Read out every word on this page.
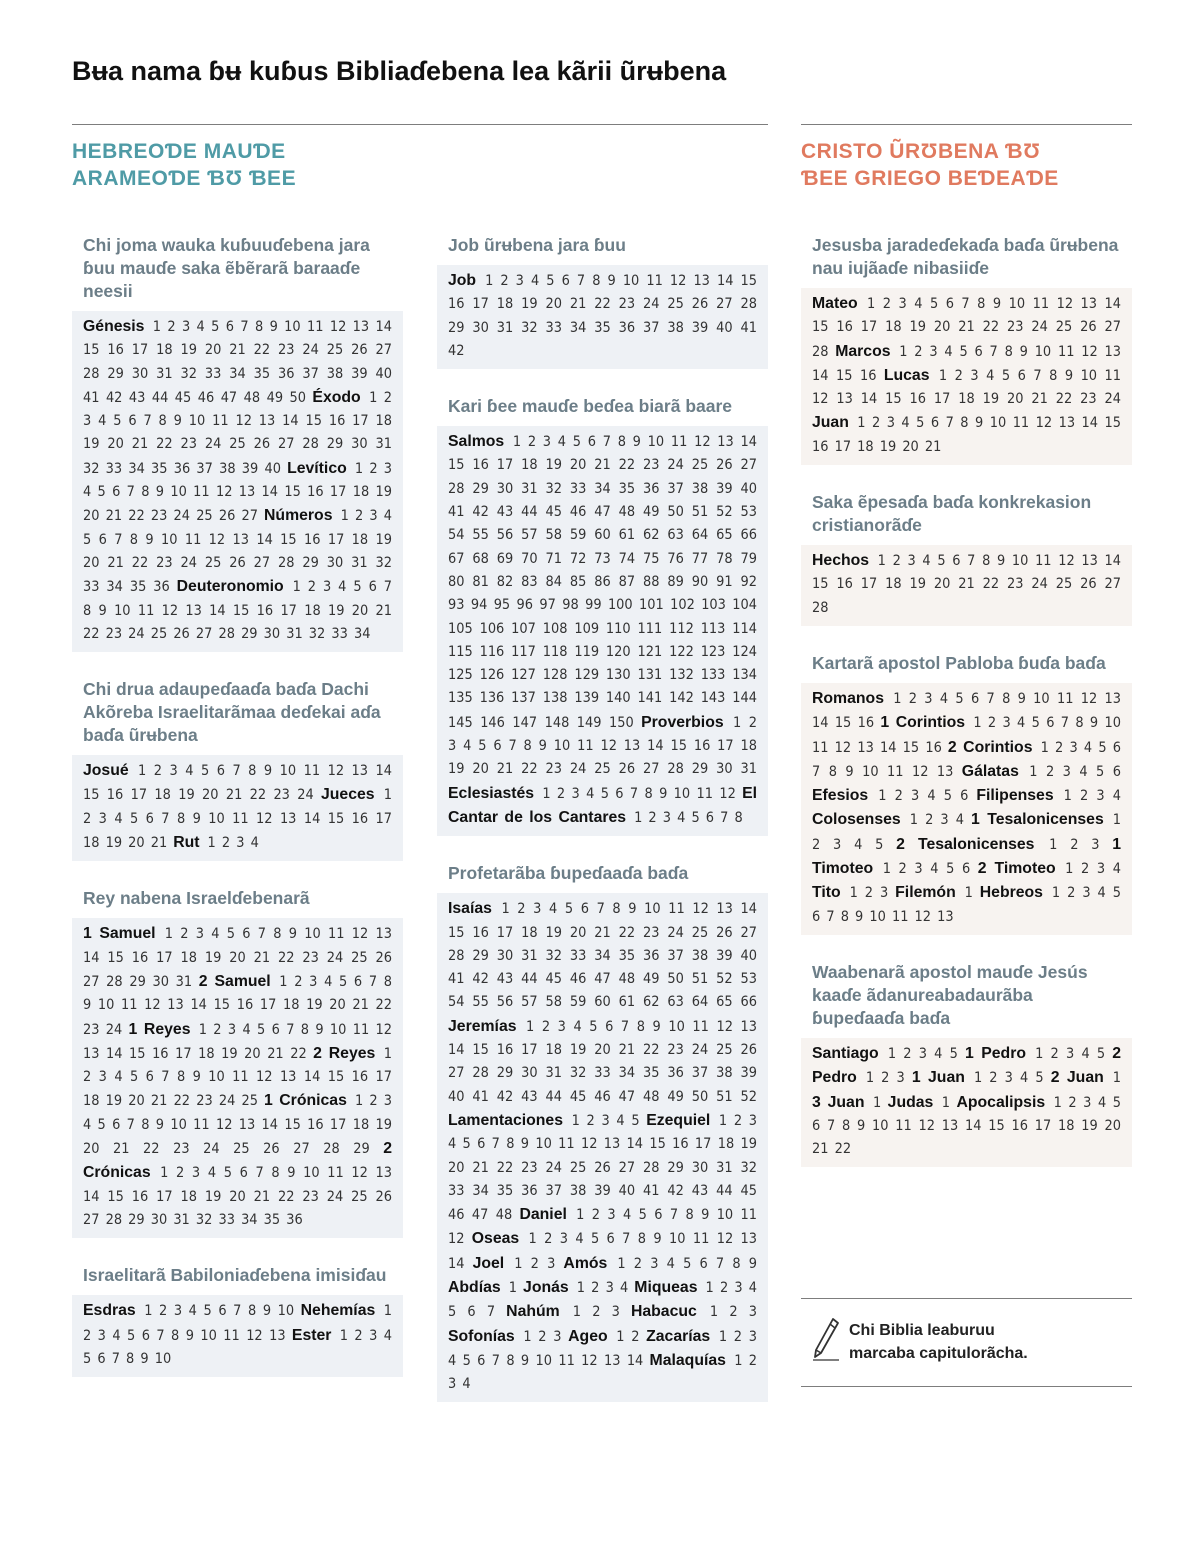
Bʉa nama ɓʉ kuɓus Bibliaɗebena lea kãrii ũrʉbena
HEBREOƊE MAUƊE
ARAMEOƊE ƁƱ ƁEE
CRISTO ŨRƱBENA ƁƱ
ƁEE GRIEGO BEƊEAƊE
Chi joma wauka kuɓuuɗebena jara ɓuu mauɗe saka ẽbẽrarã baraaɗe neesii
Génesis 1 2 3 4 5 6 7 8 9 10 11 12 13 14 15 16 17 18 19 20 21 22 23 24 25 26 27 28 29 30 31 32 33 34 35 36 37 38 39 40 41 42 43 44 45 46 47 48 49 50 Éxodo 1 2 3 4 5 6 7 8 9 10 11 12 13 14 15 16 17 18 19 20 21 22 23 24 25 26 27 28 29 30 31 32 33 34 35 36 37 38 39 40 Levítico 1 2 3 4 5 6 7 8 9 10 11 12 13 14 15 16 17 18 19 20 21 22 23 24 25 26 27 Números 1 2 3 4 5 6 7 8 9 10 11 12 13 14 15 16 17 18 19 20 21 22 23 24 25 26 27 28 29 30 31 32 33 34 35 36 Deuteronomio 1 2 3 4 5 6 7 8 9 10 11 12 13 14 15 16 17 18 19 20 21 22 23 24 25 26 27 28 29 30 31 32 33 34
Chi drua adaupeɗaaɗa baɗa Dachi Akõreba Israelitarãmaa deɗekai aɗa baɗa ũrʉbena
Josué 1 2 3 4 5 6 7 8 9 10 11 12 13 14 15 16 17 18 19 20 21 22 23 24 Jueces 1 2 3 4 5 6 7 8 9 10 11 12 13 14 15 16 17 18 19 20 21 Rut 1 2 3 4
Rey nabena Israelɗebenarã
1 Samuel 1 2 3 4 5 6 7 8 9 10 11 12 13 14 15 16 17 18 19 20 21 22 23 24 25 26 27 28 29 30 31 2 Samuel 1 2 3 4 5 6 7 8 9 10 11 12 13 14 15 16 17 18 19 20 21 22 23 24 1 Reyes 1 2 3 4 5 6 7 8 9 10 11 12 13 14 15 16 17 18 19 20 21 22 2 Reyes 1 2 3 4 5 6 7 8 9 10 11 12 13 14 15 16 17 18 19 20 21 22 23 24 25 1 Crónicas 1 2 3 4 5 6 7 8 9 10 11 12 13 14 15 16 17 18 19 20 21 22 23 24 25 26 27 28 29 2 Crónicas 1 2 3 4 5 6 7 8 9 10 11 12 13 14 15 16 17 18 19 20 21 22 23 24 25 26 27 28 29 30 31 32 33 34 35 36
Israelitarã Babiloniaɗebena imisiɗau
Esdras 1 2 3 4 5 6 7 8 9 10 Nehemías 1 2 3 4 5 6 7 8 9 10 11 12 13 Ester 1 2 3 4 5 6 7 8 9 10
Job ũrʉbena jara ɓuu
Job 1 2 3 4 5 6 7 8 9 10 11 12 13 14 15 16 17 18 19 20 21 22 23 24 25 26 27 28 29 30 31 32 33 34 35 36 37 38 39 40 41 42
Kari ɓee mauɗe beɗea biarã baare
Salmos 1 2 3 4 5 6 7 8 9 10 11 12 13 14 15 16 17 18 19 20 21 22 23 24 25 26 27 28 29 30 31 32 33 34 35 36 37 38 39 40 41 42 43 44 45 46 47 48 49 50 51 52 53 54 55 56 57 58 59 60 61 62 63 64 65 66 67 68 69 70 71 72 73 74 75 76 77 78 79 80 81 82 83 84 85 86 87 88 89 90 91 92 93 94 95 96 97 98 99 100 101 102 103 104 105 106 107 108 109 110 111 112 113 114 115 116 117 118 119 120 121 122 123 124 125 126 127 128 129 130 131 132 133 134 135 136 137 138 139 140 141 142 143 144 145 146 147 148 149 150 Proverbios 1 2 3 4 5 6 7 8 9 10 11 12 13 14 15 16 17 18 19 20 21 22 23 24 25 26 27 28 29 30 31 Eclesiastés 1 2 3 4 5 6 7 8 9 10 11 12 El Cantar de los Cantares 1 2 3 4 5 6 7 8
Profetarãba ɓupeɗaaɗa baɗa
Isaías 1 2 3 4 5 6 7 8 9 10 11 12 13 14 15 16 17 18 19 20 21 22 23 24 25 26 27 28 29 30 31 32 33 34 35 36 37 38 39 40 41 42 43 44 45 46 47 48 49 50 51 52 53 54 55 56 57 58 59 60 61 62 63 64 65 66 Jeremías 1 2 3 4 5 6 7 8 9 10 11 12 13 14 15 16 17 18 19 20 21 22 23 24 25 26 27 28 29 30 31 32 33 34 35 36 37 38 39 40 41 42 43 44 45 46 47 48 49 50 51 52 Lamentaciones 1 2 3 4 5 Ezequiel 1 2 3 4 5 6 7 8 9 10 11 12 13 14 15 16 17 18 19 20 21 22 23 24 25 26 27 28 29 30 31 32 33 34 35 36 37 38 39 40 41 42 43 44 45 46 47 48 Daniel 1 2 3 4 5 6 7 8 9 10 11 12 Oseas 1 2 3 4 5 6 7 8 9 10 11 12 13 14 Joel 1 2 3 Amós 1 2 3 4 5 6 7 8 9 Abdías 1 Jonás 1 2 3 4 Miqueas 1 2 3 4 5 6 7 Nahúm 1 2 3 Habacuc 1 2 3 Sofonías 1 2 3 Ageo 1 2 Zacarías 1 2 3 4 5 6 7 8 9 10 11 12 13 14 Malaquías 1 2 3 4
Jesusba jaradeɗekaɗa baɗa ũrʉbena nau iujãaɗe nibasiiɗe
Mateo 1 2 3 4 5 6 7 8 9 10 11 12 13 14 15 16 17 18 19 20 21 22 23 24 25 26 27 28 Marcos 1 2 3 4 5 6 7 8 9 10 11 12 13 14 15 16 Lucas 1 2 3 4 5 6 7 8 9 10 11 12 13 14 15 16 17 18 19 20 21 22 23 24 Juan 1 2 3 4 5 6 7 8 9 10 11 12 13 14 15 16 17 18 19 20 21
Saka ẽpesaɗa baɗa konkrekasion cristianorãɗe
Hechos 1 2 3 4 5 6 7 8 9 10 11 12 13 14 15 16 17 18 19 20 21 22 23 24 25 26 27 28
Kartarã apostol Pabloba ɓuɗa baɗa
Romanos 1 2 3 4 5 6 7 8 9 10 11 12 13 14 15 16 1 Corintios 1 2 3 4 5 6 7 8 9 10 11 12 13 14 15 16 2 Corintios 1 2 3 4 5 6 7 8 9 10 11 12 13 Gálatas 1 2 3 4 5 6 Efesios 1 2 3 4 5 6 Filipenses 1 2 3 4 Colosenses 1 2 3 4 1 Tesalonicenses 1 2 3 4 5 2 Tesalonicenses 1 2 3 1 Timoteo 1 2 3 4 5 6 2 Timoteo 1 2 3 4 Tito 1 2 3 Filemón 1 Hebreos 1 2 3 4 5 6 7 8 9 10 11 12 13
Waabenarã apostol mauɗe Jesús kaaɗe ãdanureabadaurãba ɓupeɗaaɗa baɗa
Santiago 1 2 3 4 5 1 Pedro 1 2 3 4 5 2 Pedro 1 2 3 1 Juan 1 2 3 4 5 2 Juan 1 3 Juan 1 Judas 1 Apocalipsis 1 2 3 4 5 6 7 8 9 10 11 12 13 14 15 16 17 18 19 20 21 22
Chi Biblia leaburuu
marcaba capitulorãcha.
